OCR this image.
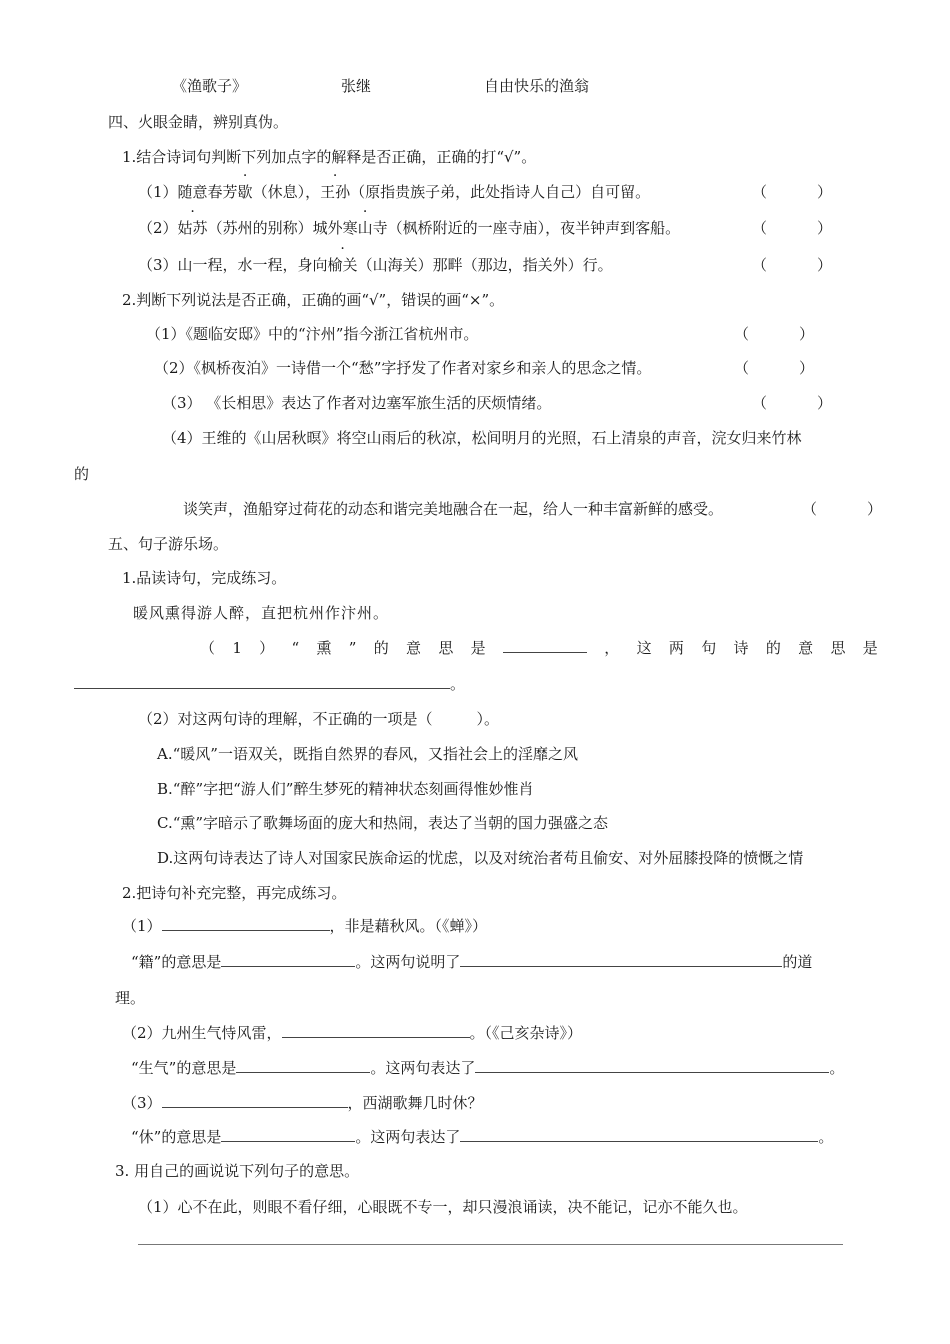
《渔歌子》	张继	自由快乐的渔翁
四、火眼金睛，辨别真伪。
1.结合诗词句判断下列加点字的解释是否正确，正确的打“√”。
（1）随意春芳歇（休息），王孙（原指贵族子弟，此处指诗人自己）自可留。	（	）
（2）姑苏（苏州的别称）城外寒山寺（枫桥附近的一座寺庙），夜半钟声到客船。	（	）
（3）山一程，水一程，身向榆关（山海关）那畔（那边，指关外）行。	（	）
2.判断下列说法是否正确，正确的画“√”，错误的画“×”。
（1）《题临安邸》中的“汴州”指今浙江省杭州市。	（	）
（2）《枫桥夜泊》一诗借一个“愁”字抒发了作者对家乡和亲人的思念之情。	（	）
（3） 《长相思》表达了作者对边塞军旅生活的厌烦情绪。	（	）
（4）王维的《山居秋暝》将空山雨后的秋凉，松间明月的光照，石上清泉的声音，浣女归来竹林
的
谈笑声，渔船穿过荷花的动态和谐完美地融合在一起，给人一种丰富新鲜的感受。	（	）
五、句子游乐场。
1.品读诗句，完成练习。
暖风熏得游人醉，直把杭州作汴州。
（ 1 ） “ 熏 ” 的 意 思 是	， 这 两 句 诗 的 意 思 是
。
（2）对这两句诗的理解，不正确的一项是（	）。
A.“暖风”一语双关，既指自然界的春风，又指社会上的淫靡之风
B.“醉”字把“游人们”醉生梦死的精神状态刻画得惟妙惟肖
C.“熏”字暗示了歌舞场面的庞大和热闹，表达了当朝的国力强盛之态
D.这两句诗表达了诗人对国家民族命运的忧虑，以及对统治者苟且偷安、对外屈膝投降的愤慨之情
2.把诗句补充完整，再完成练习。
（1）	，非是藉秋风。（《蝉》）
“籍”的意思是	。这两句说明了	的道
理。
（2）九州生气恃风雷，	。（《己亥杂诗》）
“生气”的意思是	。这两句表达了	。
（3）	，西湖歌舞几时休？
“休”的意思是	。这两句表达了	。
3. 用自己的画说说下列句子的意思。
（1）心不在此，则眼不看仔细，心眼既不专一，却只漫浪诵读，决不能记，记亦不能久也。
